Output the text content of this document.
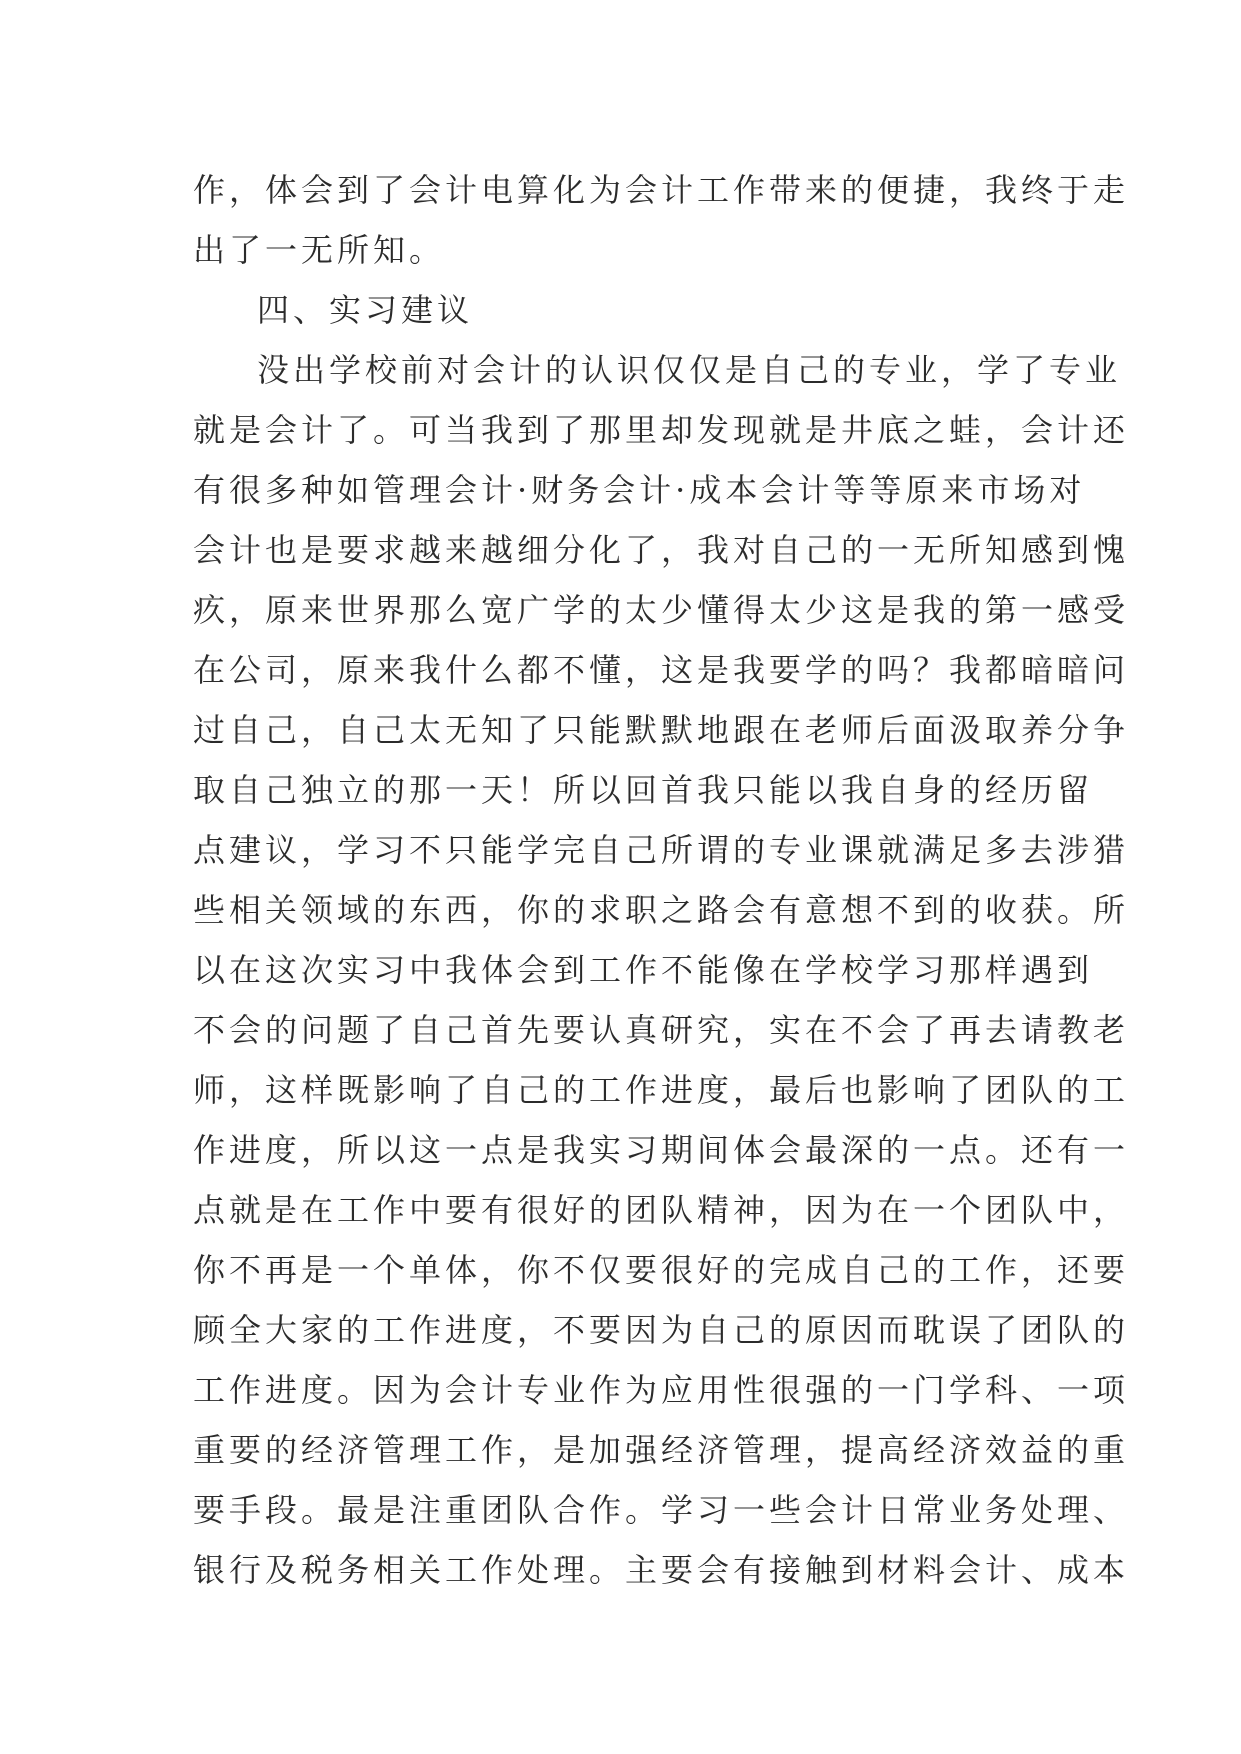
作，体会到了会计电算化为会计工作带来的便捷，我终于走
出了一无所知。
四、实习建议
没出学校前对会计的认识仅仅是自己的专业，学了专业
就是会计了。可当我到了那里却发现就是井底之蛙，会计还
有很多种如管理会计·财务会计·成本会计等等原来市场对
会计也是要求越来越细分化了，我对自己的一无所知感到愧
疚，原来世界那么宽广学的太少懂得太少这是我的第一感受
在公司，原来我什么都不懂，这是我要学的吗？我都暗暗问
过自己，自己太无知了只能默默地跟在老师后面汲取养分争
取自己独立的那一天！所以回首我只能以我自身的经历留
点建议，学习不只能学完自己所谓的专业课就满足多去涉猎
些相关领域的东西，你的求职之路会有意想不到的收获。所
以在这次实习中我体会到工作不能像在学校学习那样遇到
不会的问题了自己首先要认真研究，实在不会了再去请教老
师，这样既影响了自己的工作进度，最后也影响了团队的工
作进度，所以这一点是我实习期间体会最深的一点。还有一
点就是在工作中要有很好的团队精神，因为在一个团队中，
你不再是一个单体，你不仅要很好的完成自己的工作，还要
顾全大家的工作进度，不要因为自己的原因而耽误了团队的
工作进度。因为会计专业作为应用性很强的一门学科、一项
重要的经济管理工作，是加强经济管理，提高经济效益的重
要手段。最是注重团队合作。学习一些会计日常业务处理、
银行及税务相关工作处理。主要会有接触到材料会计、成本
